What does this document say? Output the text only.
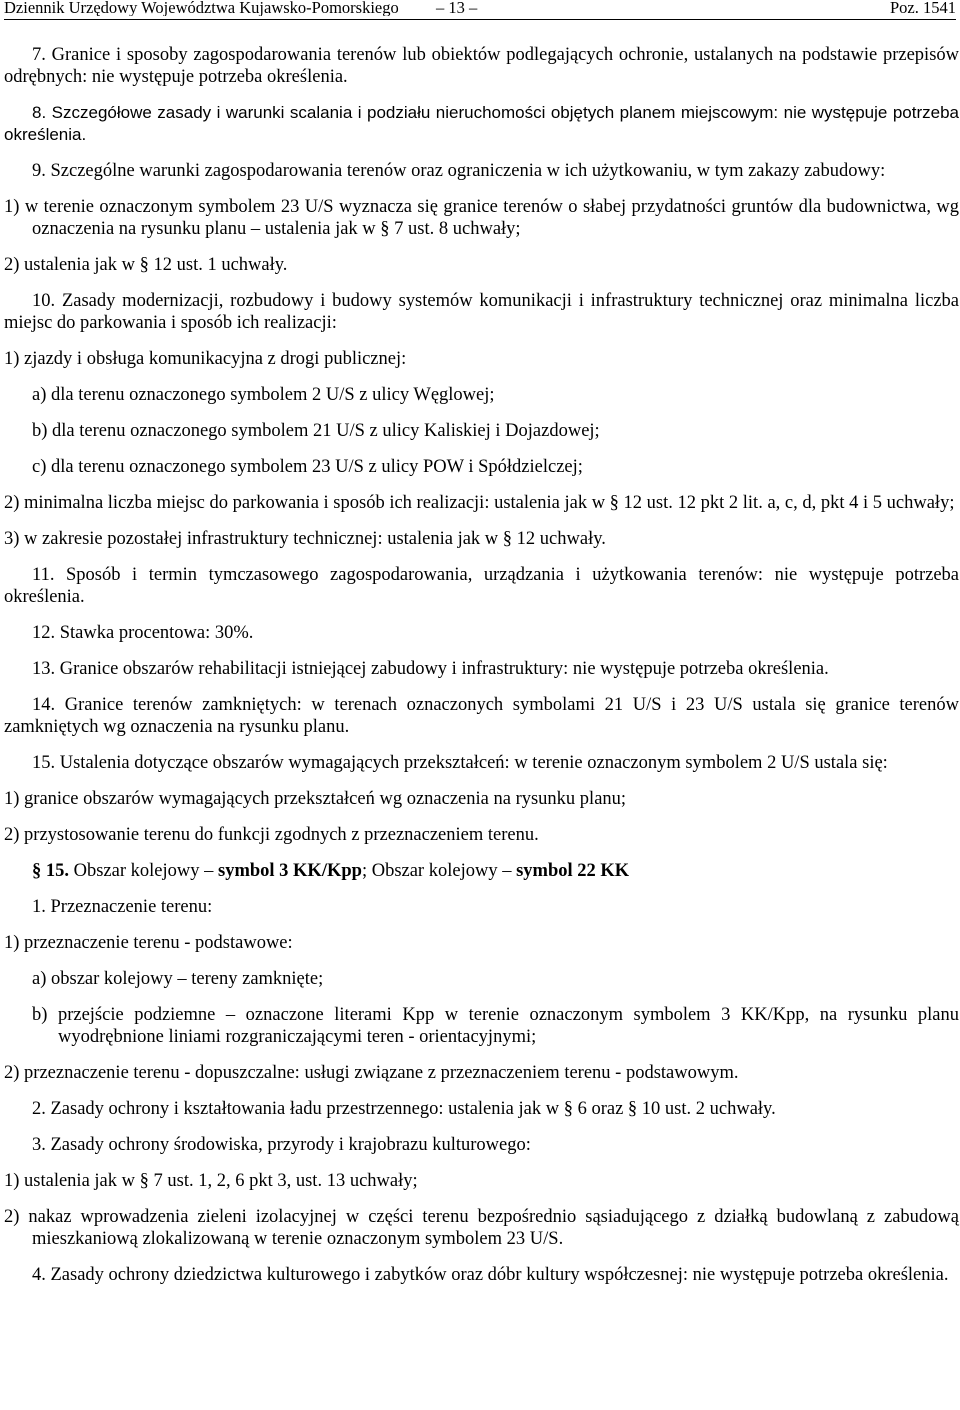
Dziennik Urzędowy Województwa Kujawsko-Pomorskiego – 13 –	Poz. 1541
7. Granice i sposoby zagospodarowania terenów lub obiektów podlegających ochronie, ustalanych na podstawie przepisów odrębnych: nie występuje potrzeba określenia.
8. Szczegółowe zasady i warunki scalania i podziału nieruchomości objętych planem miejscowym: nie występuje potrzeba określenia.
9. Szczególne warunki zagospodarowania terenów oraz ograniczenia w ich użytkowaniu, w tym zakazy zabudowy:
1) w terenie oznaczonym symbolem 23 U/S wyznacza się granice terenów o słabej przydatności gruntów dla budownictwa, wg oznaczenia na rysunku planu – ustalenia jak w § 7 ust. 8 uchwały;
2) ustalenia jak w § 12 ust. 1 uchwały.
10. Zasady modernizacji, rozbudowy i budowy systemów komunikacji i infrastruktury technicznej oraz minimalna liczba miejsc do parkowania i sposób ich realizacji:
1) zjazdy i obsługa komunikacyjna z drogi publicznej:
a) dla terenu oznaczonego symbolem 2 U/S z ulicy Węglowej;
b) dla terenu oznaczonego symbolem 21 U/S z ulicy Kaliskiej i Dojazdowej;
c) dla terenu oznaczonego symbolem 23 U/S z ulicy POW i Spółdzielczej;
2) minimalna liczba miejsc do parkowania i sposób ich realizacji: ustalenia jak w § 12 ust. 12 pkt 2 lit. a, c, d, pkt 4 i 5 uchwały;
3) w zakresie pozostałej infrastruktury technicznej: ustalenia jak w § 12 uchwały.
11. Sposób i termin tymczasowego zagospodarowania, urządzania i użytkowania terenów: nie występuje potrzeba określenia.
12. Stawka procentowa: 30%.
13. Granice obszarów rehabilitacji istniejącej zabudowy i infrastruktury: nie występuje potrzeba określenia.
14. Granice terenów zamkniętych: w terenach oznaczonych symbolami 21 U/S i 23 U/S ustala się granice terenów zamkniętych wg oznaczenia na rysunku planu.
15. Ustalenia dotyczące obszarów wymagających przekształceń: w terenie oznaczonym symbolem 2 U/S ustala się:
1) granice obszarów wymagających przekształceń wg oznaczenia na rysunku planu;
2) przystosowanie terenu do funkcji zgodnych z przeznaczeniem terenu.
§ 15. Obszar kolejowy – symbol 3 KK/Kpp; Obszar kolejowy – symbol 22 KK
1. Przeznaczenie terenu:
1) przeznaczenie terenu - podstawowe:
a) obszar kolejowy – tereny zamknięte;
b) przejście podziemne – oznaczone literami Kpp w terenie oznaczonym symbolem 3 KK/Kpp, na rysunku planu wyodrębnione liniami rozgraniczającymi teren - orientacyjnymi;
2) przeznaczenie terenu - dopuszczalne: usługi związane z przeznaczeniem terenu - podstawowym.
2. Zasady ochrony i kształtowania ładu przestrzennego: ustalenia jak w § 6 oraz § 10 ust. 2 uchwały.
3. Zasady ochrony środowiska, przyrody i krajobrazu kulturowego:
1) ustalenia jak w § 7 ust. 1, 2, 6 pkt 3, ust. 13 uchwały;
2) nakaz wprowadzenia zieleni izolacyjnej w części terenu bezpośrednio sąsiadującego z działką budowlaną z zabudową mieszkaniową zlokalizowaną w terenie oznaczonym symbolem 23 U/S.
4. Zasady ochrony dziedzictwa kulturowego i zabytków oraz dóbr kultury współczesnej: nie występuje potrzeba określenia.
